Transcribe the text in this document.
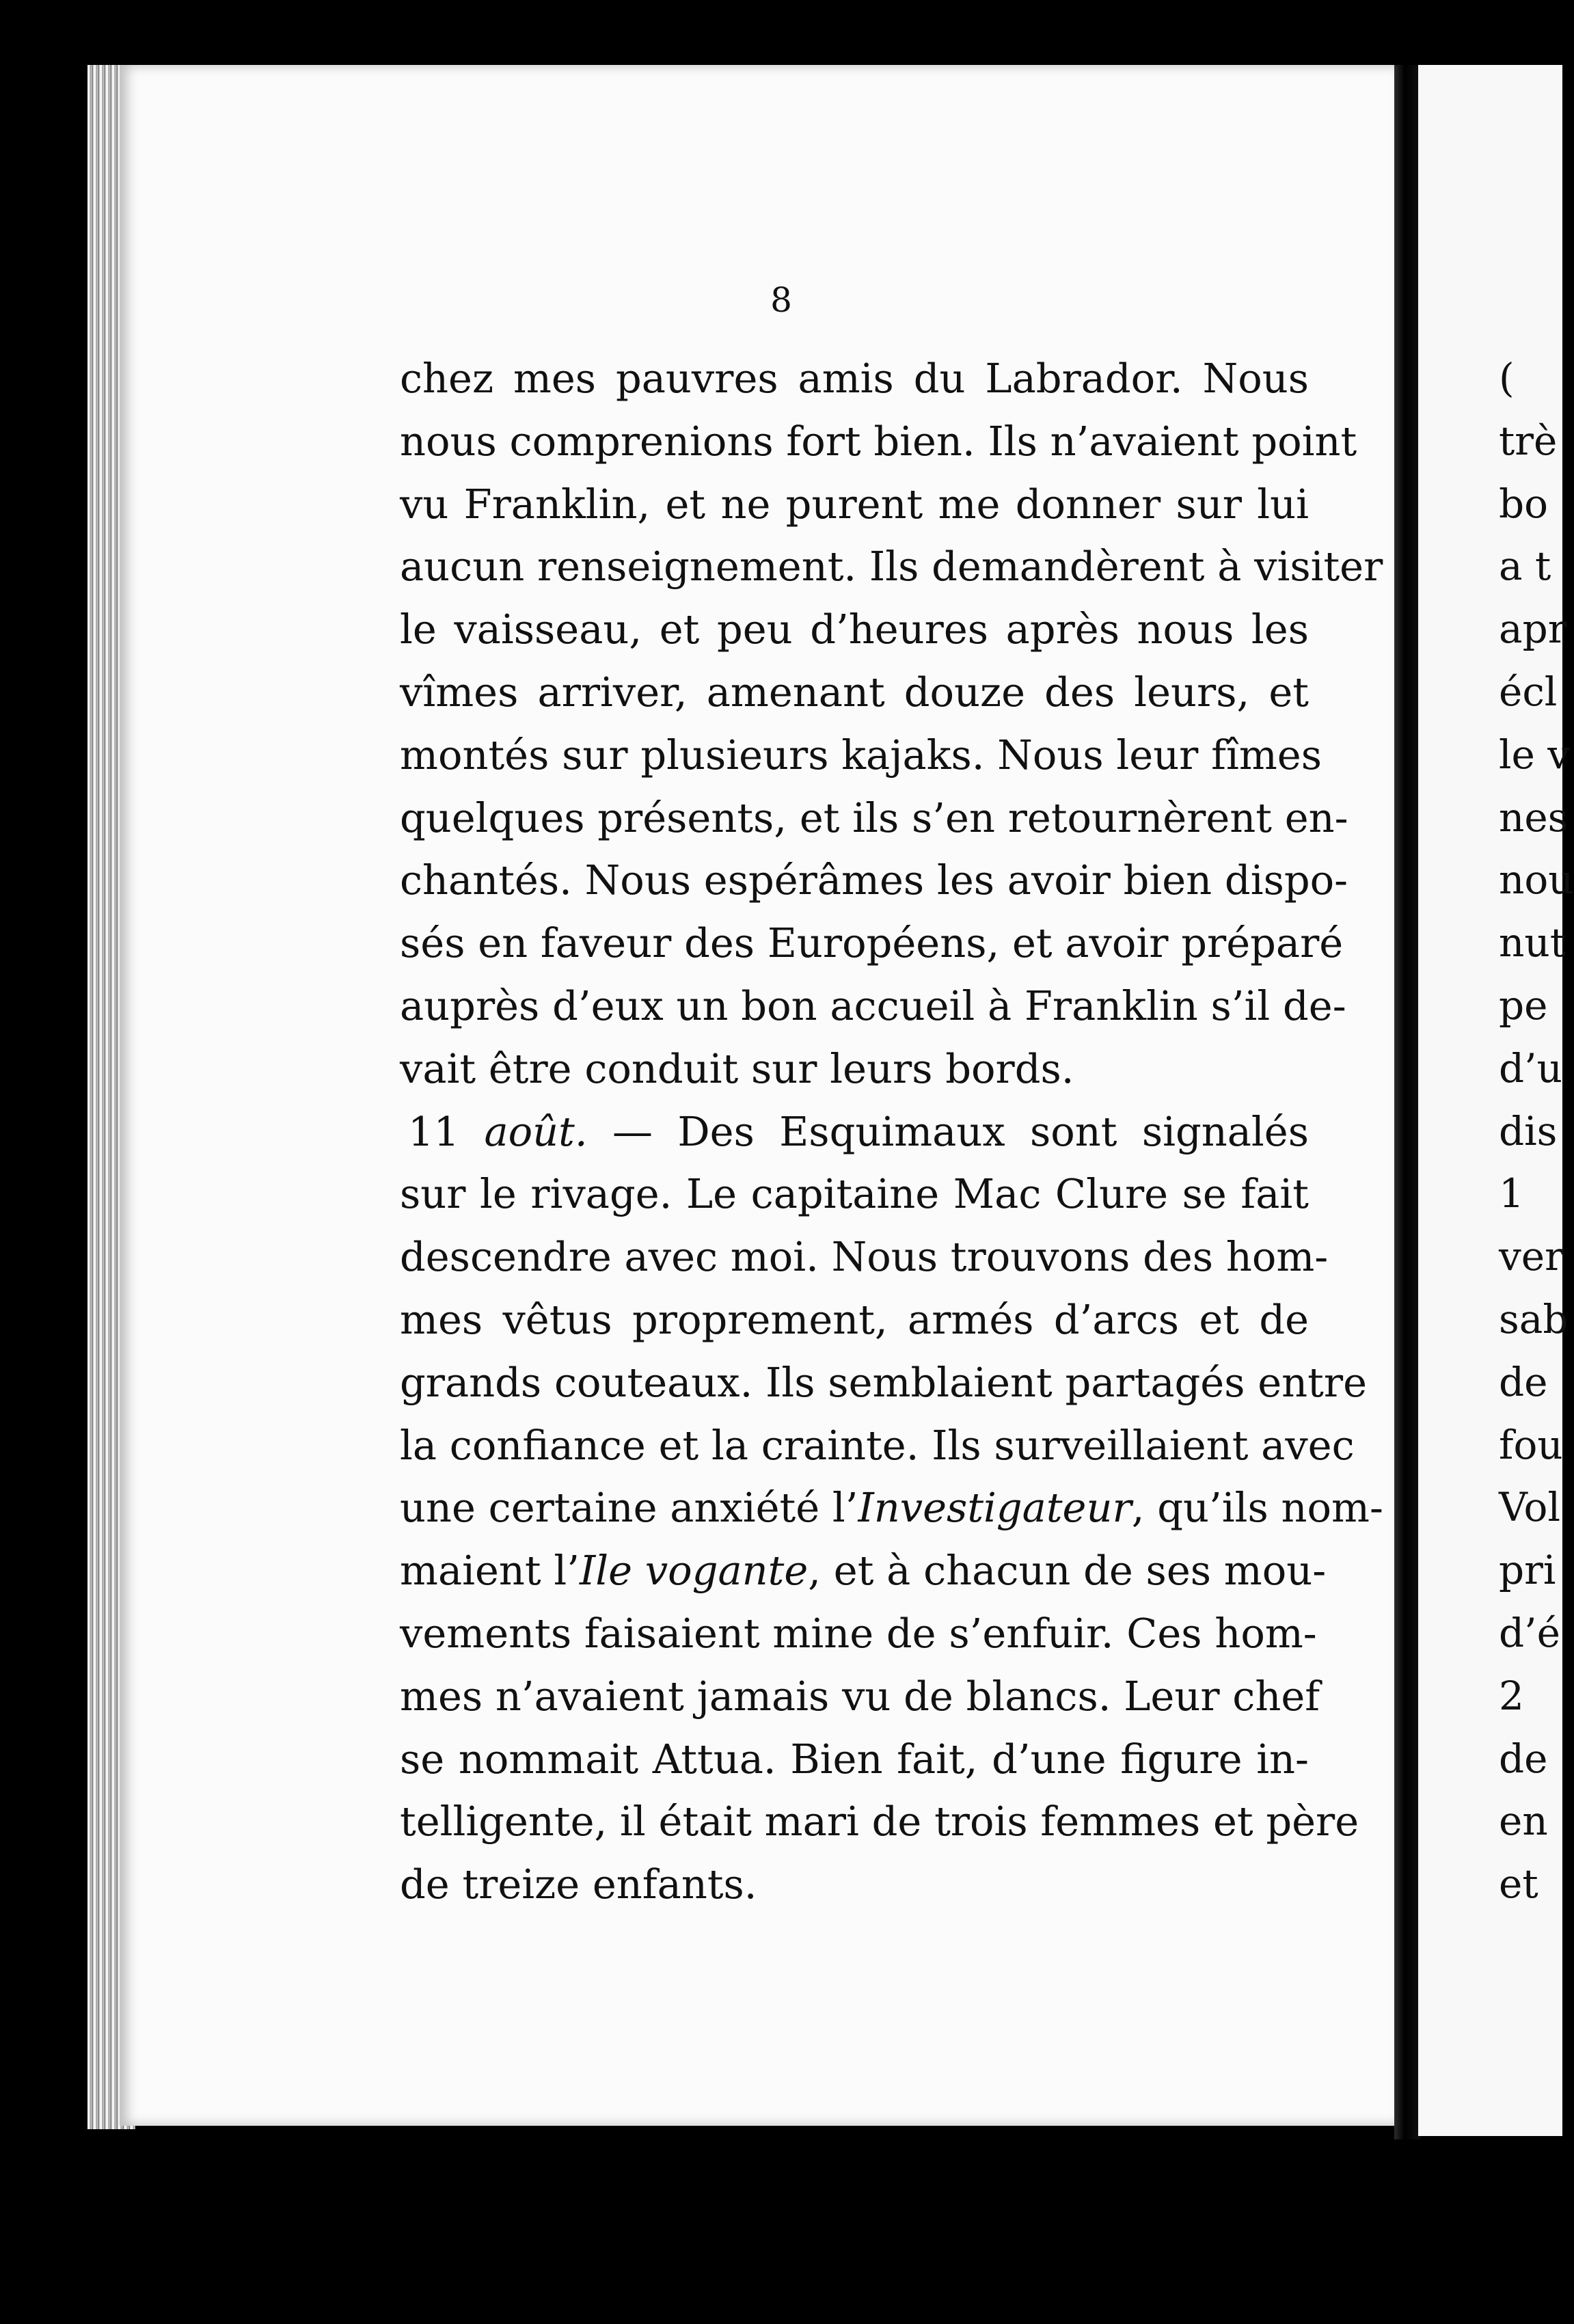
(
trè
bo
a t
apr
écl
le v
nes
nou
nut
pe
d’u
dis
1
ver
sab
de
fou
Vol
pri
d’é
2
de
en
et
8
chez mes pauvres amis du Labrador. Nous
nous comprenions fort bien. Ils n’avaient point
vu Franklin, et ne purent me donner sur lui
aucun renseignement. Ils demandèrent à visiter
le vaisseau, et peu d’heures après nous les
vîmes arriver, amenant douze des leurs, et
montés sur plusieurs kajaks. Nous leur fîmes
quelques présents, et ils s’en retournèrent en-
chantés. Nous espérâmes les avoir bien dispo-
sés en faveur des Européens, et avoir préparé
auprès d’eux un bon accueil à Franklin s’il de-
vait être conduit sur leurs bords.
11 août. — Des Esquimaux sont signalés
sur le rivage. Le capitaine Mac Clure se fait
descendre avec moi. Nous trouvons des hom-
mes vêtus proprement, armés d’arcs et de
grands couteaux. Ils semblaient partagés entre
la confiance et la crainte. Ils surveillaient avec
une certaine anxiété l’Investigateur, qu’ils nom-
maient l’Ile vogante, et à chacun de ses mou-
vements faisaient mine de s’enfuir. Ces hom-
mes n’avaient jamais vu de blancs. Leur chef
se nommait Attua. Bien fait, d’une figure in-
telligente, il était mari de trois femmes et père
de treize enfants.
